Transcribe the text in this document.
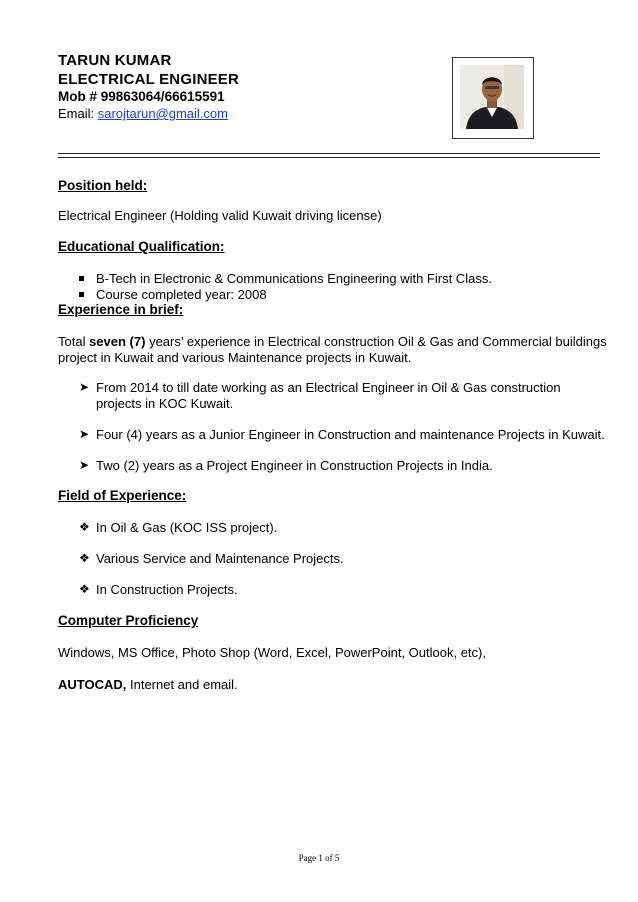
TARUN KUMAR
ELECTRICAL ENGINEER
Mob # 99863064/66615591
Email: sarojtarun@gmail.com
Position held:
Electrical Engineer (Holding valid Kuwait driving license)
Educational Qualification:
B-Tech in Electronic & Communications Engineering with First Class.
Course completed year: 2008
Experience in brief:
Total seven (7) years’ experience in Electrical construction Oil & Gas and Commercial buildings
project in Kuwait and various Maintenance projects in Kuwait.
➤ From 2014 to till date working as an Electrical Engineer in Oil & Gas construction
projects in KOC Kuwait.
➤ Four (4) years as a Junior Engineer in Construction and maintenance Projects in Kuwait.
➤ Two (2) years as a Project Engineer in Construction Projects in India.
Field of Experience:
❖ In Oil & Gas (KOC ISS project).
❖ Various Service and Maintenance Projects.
❖ In Construction Projects.
Computer Proficiency
Windows, MS Office, Photo Shop (Word, Excel, PowerPoint, Outlook, etc),
AUTOCAD, Internet and email.
Page 1 of 5
